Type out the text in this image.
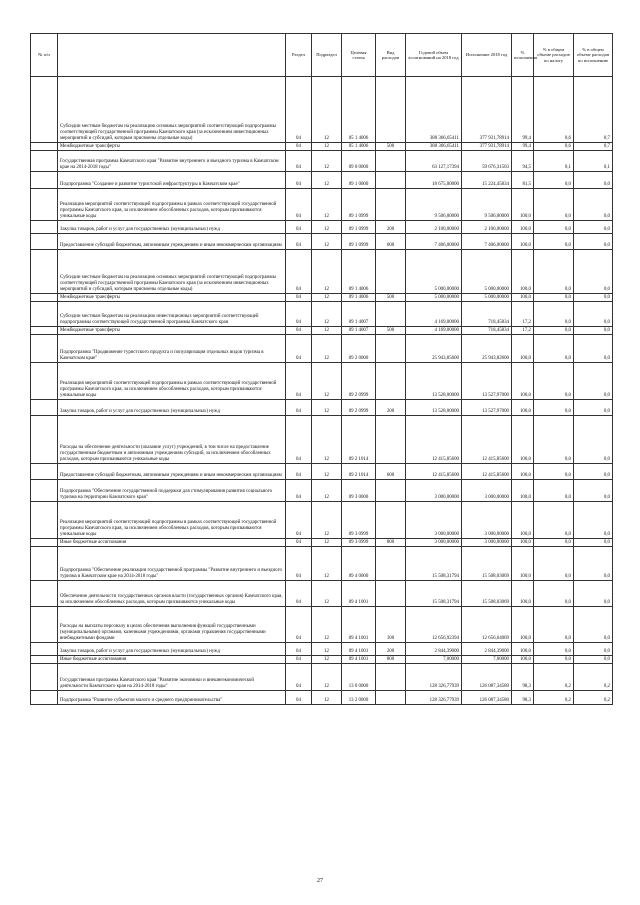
№ п/п		Раздел	Подраздел	Целевая статья	Вид расходов	Годовой объем ассигнований на 2018 год	Исполнение 2018 год	% исполнения	% в общем объеме расходов по налогу	% в общем объеме расходов по исполнению
	Субсидии местным бюджетам на реализацию основных мероприятий соответствующей подпрограммы соответствующей государственной программы Камчатского края (за исключением инвестиционных мероприятий и субсидий, которым присвоены отдельные коды)	04	12	05 1 4006		380 366,65411	377 931,78914	99,4	0,6	0,7
	Межбюджетные трансферты	04	12	05 1 4006	500	380 366,65411	377 931,78914	99,4	0,6	0,7
	Государственная программа Камчатского края "Развитие внутреннего и въездного туризма в Камчатском крае на 2014-2018 годы"	04	12	09 0 0000		63 127,17394	59 676,31503	94,5	0,1	0,1
	Подпрограмма "Создание и развитие туристской инфраструктуры в Камчатском крае"	04	12	09 1 0000		18 675,00000	15 224,45834	81,5	0,0	0,0
	Реализация мероприятий соответствующей подпрограммы в рамках соответствующей государственной программы Камчатского края, за исключением обособленных расходов, которым присваиваются уникальные коды	04	12	09 1 0999		9 506,00000	9 506,00000	100,0	0,0	0,0
	Закупка товаров, работ и услуг для государственных (муниципальных) нужд	04	12	09 1 0999	200	2 100,00000	2 100,00000	100,0	0,0	0,0
	Предоставление субсидий бюджетным, автономным учреждениям и иным некоммерческим организациям	04	12	09 1 0999	600	7 406,00000	7 406,00000	100,0	0,0	0,0
	Субсидии местным бюджетам на реализацию основных мероприятий соответствующей подпрограммы соответствующей государственной программы Камчатского края (за исключением инвестиционных мероприятий и субсидий, которым присвоены отдельные коды)	04	12	09 1 4006		5 000,00000	5 000,00000	100,0	0,0	0,0
	Межбюджетные трансферты	04	12	09 1 4006	500	5 000,00000	5 000,00000	100,0	0,0	0,0
	Субсидии местным бюджетам на реализацию инвестиционных мероприятий соответствующей подпрограммы соответствующей государственной программы Камчатского края	04	12	09 1 4007		4 169,00000	718,45834	17,2	0,0	0,0
	Межбюджетные трансферты	04	12	09 1 4007	500	4 169,00000	718,45834	17,2	0,0	0,0
	Подпрограмма "Продвижение туристского продукта и популяризация отдельных видов туризма в Камчатском крае"	04	12	09 2 0000		25 943,85600	25 943,82600	100,0	0,0	0,0
	Реализация мероприятий соответствующей подпрограммы в рамках соответствующей государственной программы Камчатского края, за исключением обособленных расходов, которым присваиваются уникальные коды	04	12	09 2 0999		13 528,00000	13 527,97000	100,0	0,0	0,0
	Закупка товаров, работ и услуг для государственных (муниципальных) нужд	04	12	09 2 0999	200	13 528,00000	13 527,97000	100,0	0,0	0,0
	Расходы на обеспечение деятельности (оказание услуг) учреждений, в том числе на предоставление государственным бюджетным и автономным учреждениям субсидий, за исключением обособленных расходов, которым присваиваются уникальные коды	04	12	09 2 1014		12 415,85600	12 415,85600	100,0	0,0	0,0
	Предоставление субсидий бюджетным, автономным учреждениям и иным некоммерческим организациям	04	12	09 2 1014	600	12 415,85600	12 415,85600	100,0	0,0	0,0
	Подпрограмма "Обеспечение государственной поддержки для стимулирования развития социального туризма на территории Камчатского края"	04	12	09 3 0000		3 000,00000	3 000,00000	100,0	0,0	0,0
	Реализация мероприятий соответствующей подпрограммы в рамках соответствующей государственной программы Камчатского края, за исключением обособленных расходов, которым присваиваются уникальные коды	04	12	09 3 0999		3 000,00000	3 000,00000	100,0	0,0	0,0
	Иные бюджетные ассигнования	04	12	09 3 0999	800	3 000,00000	3 000,00000	100,0	0,0	0,0
	Подпрограмма "Обеспечение реализации государственной программы "Развитие внутреннего и въездного туризма в Камчатском крае на 2014-2018 годы"	04	12	09 4 0000		15 508,31794	15 508,03069	100,0	0,0	0,0
	Обеспечение деятельности государственных органов власти (государственных органов) Камчатского края, за исключением обособленных расходов, которым присваиваются уникальные коды	04	12	09 4 1001		15 508,31794	15 508,03069	100,0	0,0	0,0
	Расходы на выплаты персоналу в целях обеспечения выполнения функций государственными (муниципальными) органами, казенными учреждениями, органами управления государственными внебюджетными фондами	04	12	09 4 1001	100	12 656,92394	12 656,64069	100,0	0,0	0,0
	Закупка товаров, работ и услуг для государственных (муниципальных) нужд	04	12	09 4 1001	200	2 844,39000	2 844,39000	100,0	0,0	0,0
	Иные бюджетные ассигнования	04	12	09 4 1001	800	7,00000	7,00000	100,0	0,0	0,0
	Государственная программа Камчатского края "Развитие экономики и внешнеэкономической деятельности Камчатского края на 2014-2018 годы"	04	12	13 0 0000		128 326,77939	126 087,34580	98,3	0,2	0,2
	Подпрограмма "Развитие субъектов малого и среднего предпринимательства"	04	12	13 2 0000		128 326,77939	126 087,34580	98,3	0,2	0,2
27
